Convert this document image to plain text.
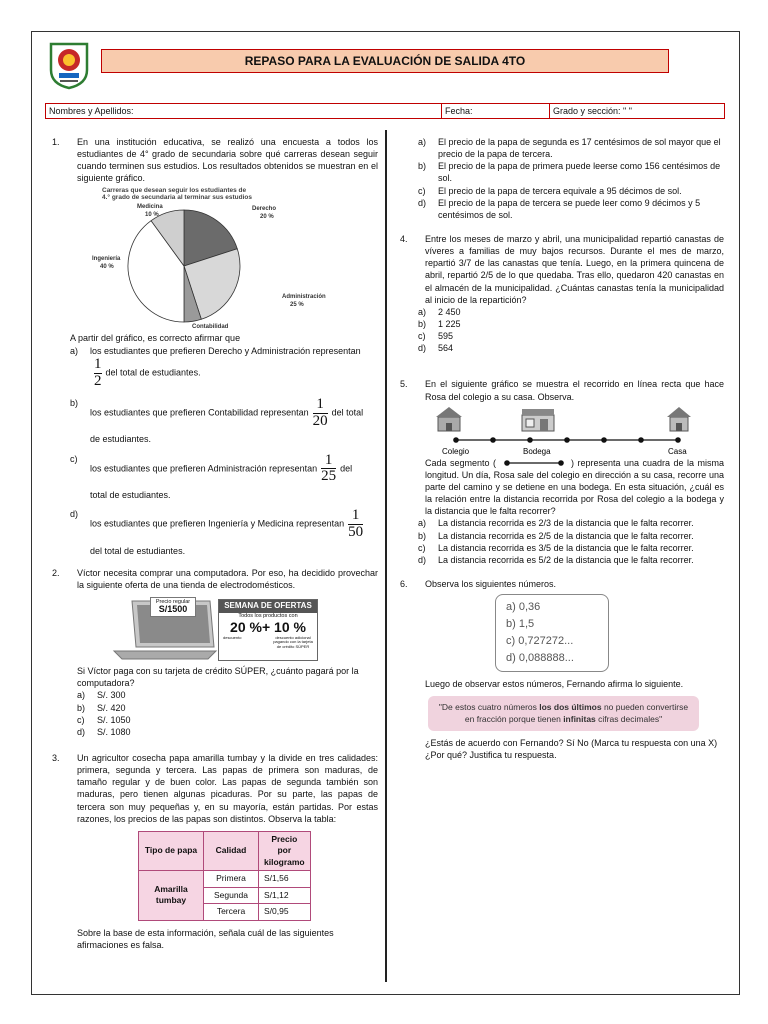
REPASO PARA LA EVALUACIÓN DE SALIDA 4TO
Nombres y Apellidos:	Fecha:	Grado y sección: " "
1.	En una institución educativa, se realizó una encuesta a todos los estudiantes de 4° grado de secundaria sobre qué carreras desean seguir cuando terminen sus estudios. Los resultados obtenidos se muestran en el siguiente gráfico.
Carreras que desean seguir los estudiantes de
4.° grado de secundaria al terminar sus estudios
Derecho
20 %
Administración
25 %
Contabilidad
Ingeniería
40 %
Medicina
10 %
A partir del gráfico, es correcto afirmar que
a)	los estudiantes que prefieren Derecho y Administración representan
$\frac{1}{2}$ del total de estudiantes.
b)
los estudiantes que prefieren Contabilidad representan $\frac{1}{20}$ del total
de estudiantes.
c)
los estudiantes que prefieren Administración representan $\frac{1}{25}$ del
total de estudiantes.
d)
los estudiantes que prefieren Ingeniería y Medicina representan $\frac{1}{50}$
del total de estudiantes.
2.	Víctor necesita comprar una computadora. Por eso, ha decidido provechar la siguiente oferta de una tienda de electrodomésticos.
Precio regular
S/1500	SEMANA DE OFERTAS
Todos los productos con
20 %+ 10 %
descuento	descuento adicional pagando con la tarjeta de crédito SÚPER
Si Víctor paga con su tarjeta de crédito SÚPER, ¿cuánto pagará por la computadora?
a)	S/. 300
b)	S/. 420
c)	S/. 1050
d)	S/. 1080
3.	Un agricultor cosecha papa amarilla tumbay y la divide en tres calidades: primera, segunda y tercera. Las papas de primera son maduras, de tamaño regular y de buen color. Las papas de segunda también son maduras, pero tienen algunas picaduras. Por su parte, las papas de tercera son muy pequeñas y, en su mayoría, están partidas. Por estas razones, los precios de las papas son distintos. Observa la tabla:
Tipo de papa	Calidad	Precio por kilogramo
Amarilla tumbay	Primera	S/1,56
	Segunda	S/1,12
	Tercera	S/0,95
Sobre la base de esta información, señala cuál de las siguientes afirmaciones es falsa.
a)	El precio de la papa de segunda es 17 centésimos de sol mayor que el precio de la papa de tercera.
b)	El precio de la papa de primera puede leerse como 156 centésimos de sol.
c)	El precio de la papa de tercera equivale a 95 décimos de sol.
d)	El precio de la papa de tercera se puede leer como 9 décimos y 5 centésimos de sol.
4.	Entre los meses de marzo y abril, una municipalidad repartió canastas de víveres a familias de muy bajos recursos. Durante el mes de marzo, repartió 3/7 de las canastas que tenía. Luego, en la primera quincena de abril, repartió 2/5 de lo que quedaba. Tras ello, quedaron 420 canastas en el almacén de la municipalidad. ¿Cuántas canastas tenía la municipalidad al inicio de la repartición?
a)	2 450
b)	1 225
c)	595
d)	564
5.	En el siguiente gráfico se muestra el recorrido en línea recta que hace Rosa del colegio a su casa. Observa.
Colegio	Bodega	Casa
Cada segmento (	) representa una cuadra de la misma longitud. Un día, Rosa sale del colegio en dirección a su casa, recorre una parte del camino y se detiene en una bodega. En esta situación, ¿cuál es la relación entre la distancia recorrida por Rosa del colegio a la bodega y la distancia que le falta recorrer?
a)	La distancia recorrida es 2/3 de la distancia que le falta recorrer.
b)	La distancia recorrida es 2/5 de la distancia que le falta recorrer.
c)	La distancia recorrida es 3/5 de la distancia que le falta recorrer.
d)	La distancia recorrida es 5/2 de la distancia que le falta recorrer.
6.	Observa los siguientes números.
a) 0,36
b) 1,5
c) 0,727272...
d) 0,088888...
Luego de observar estos números, Fernando afirma lo siguiente.
"De estos cuatro números los dos últimos no pueden convertirse en fracción porque tienen infinitas cifras decimales"
¿Estás de acuerdo con Fernando? Sí No (Marca tu respuesta con una X) ¿Por qué? Justifica tu respuesta.
